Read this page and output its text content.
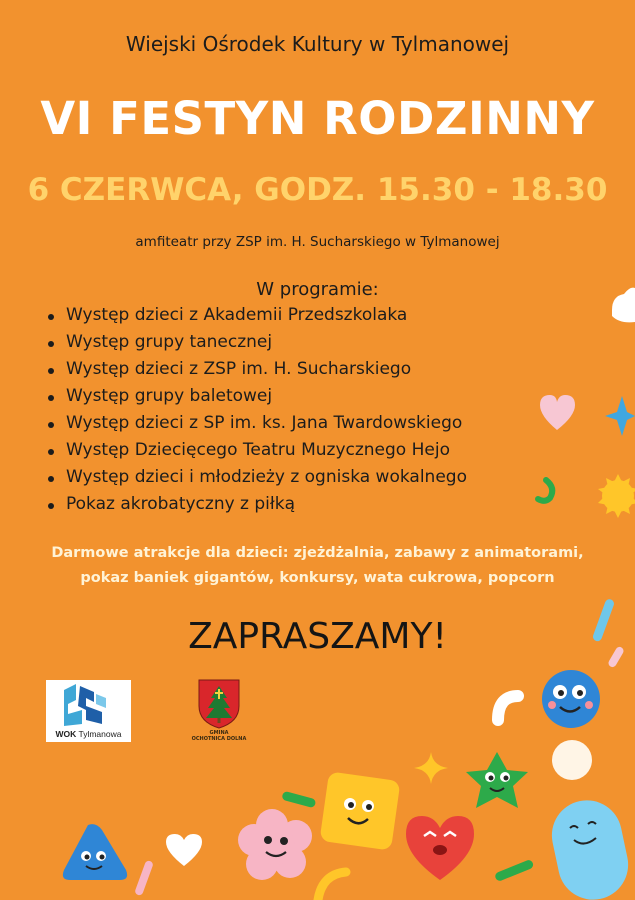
Wiejski Ośrodek Kultury w Tylmanowej
VI FESTYN RODZINNY
6 CZERWCA, GODZ. 15.30 - 18.30
amfiteatr przy ZSP im. H. Sucharskiego w Tylmanowej
W programie:
Występ dzieci z Akademii Przedszkolaka
Występ grupy tanecznej
Występ dzieci z ZSP im. H. Sucharskiego
Występ grupy baletowej
Występ dzieci z SP im. ks. Jana Twardowskiego
Występ Dziecięcego Teatru Muzycznego Hejo
Występ dzieci i młodzieży z ogniska wokalnego
Pokaz akrobatyczny z piłką
Darmowe atrakcje dla dzieci: zjeżdżalnia, zabawy z animatorami,
pokaz baniek gigantów, konkursy, wata cukrowa, popcorn
ZAPRASZAMY!
WOK Tylmanowa	GMINA
OCHOTNICA DOLNA
